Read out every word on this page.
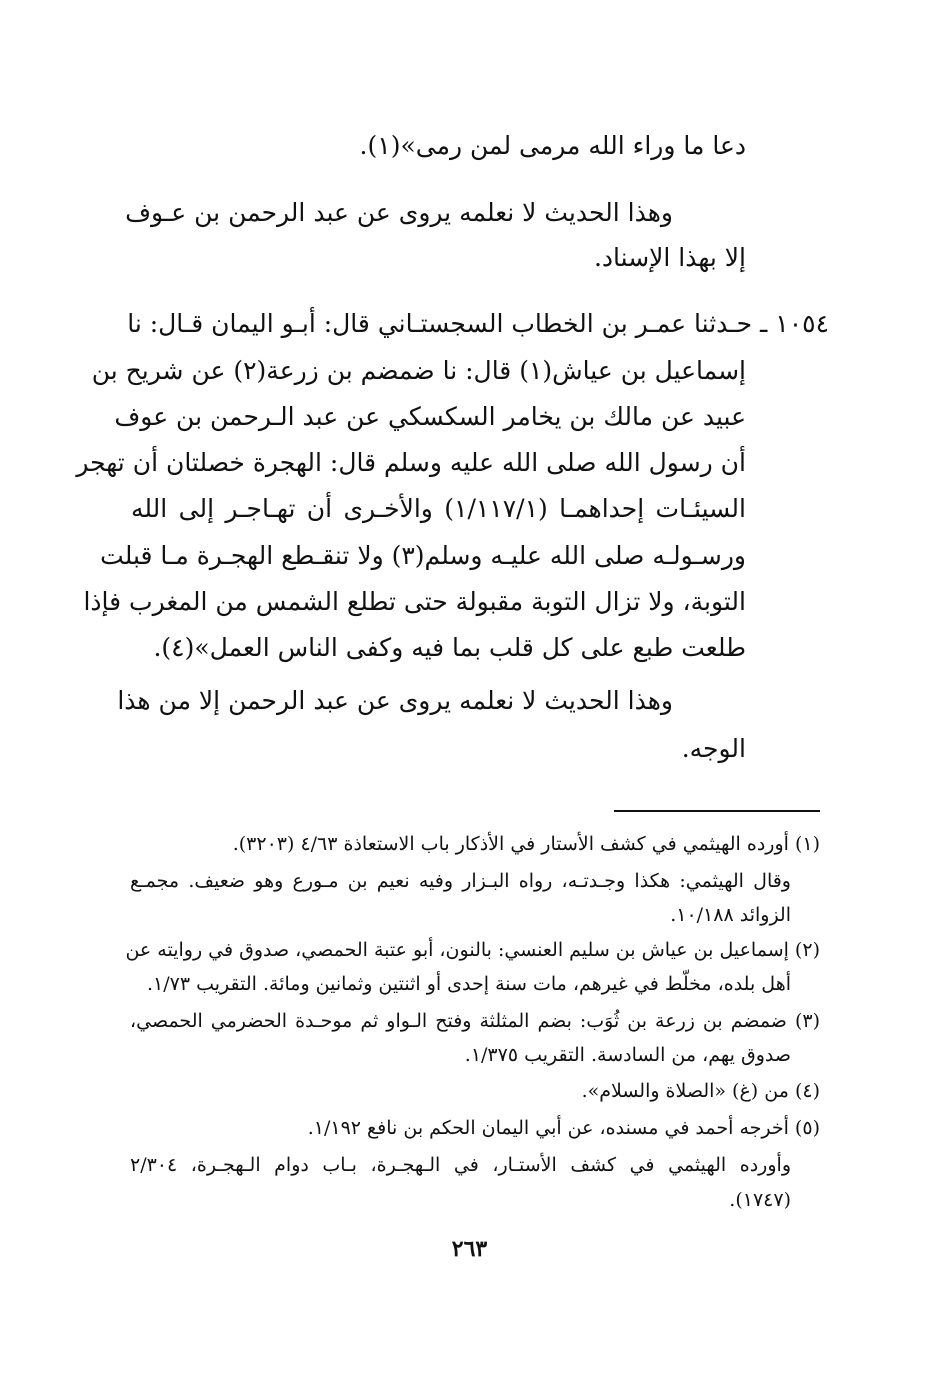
دعا ما وراء الله مرمى لمن رمى»(١).
وهذا الحديث لا نعلمه يروى عن عبد الرحمن بن عـوف
إلا بهذا الإسناد.
١٠٥٤ ـ حـدثنا عمـر بن الخطاب السجستـاني قال: أبـو اليمان قـال: نا
إسماعيل بن عياش(١) قال: نا ضمضم بن زرعة(٢) عن شريح بن
عبيد عن مالك بن يخامر السكسكي عن عبد الـرحمن بن عوف
أن رسول الله صلى الله عليه وسلم قال: الهجرة خصلتان أن تهجر
السيئـات إحداهمـا (١/١١٧/١) والأخـرى أن تهـاجـر إلى الله
ورسـولـه صلى الله عليـه وسلم(٣) ولا تنقـطع الهجـرة مـا قبلت
التوبة، ولا تزال التوبة مقبولة حتى تطلع الشمس من المغرب فإذا
طلعت طبع على كل قلب بما فيه وكفى الناس العمل»(٤).
وهذا الحديث لا نعلمه يروى عن عبد الرحمن إلا من هذا
الوجه.
(١) أورده الهيثمي في كشف الأستار في الأذكار باب الاستعاذة ٤/٦٣ (٣٢٠٣).
وقال الهيثمي: هكذا وجـدتـه، رواه البـزار وفيه نعيم بن مـورع وهو ضعيف. مجمـع
الزوائد ١٠/١٨٨.
(٢) إسماعيل بن عياش بن سليم العنسي: بالنون، أبو عتبة الحمصي، صدوق في روايته عن
أهل بلده، مخلّط في غيرهم، مات سنة إحدى أو اثنتين وثمانين ومائة. التقريب ١/٧٣.
(٣) ضمضم بن زرعة بن ثُوَب: بضم المثلثة وفتح الـواو ثم موحـدة الحضرمي الحمصي،
صدوق يهم، من السادسة. التقريب ١/٣٧٥.
(٤) من (غ) «الصلاة والسلام».
(٥) أخرجه أحمد في مسنده، عن أبي اليمان الحكم بن نافع ١/١٩٢.
وأورده الهيثمي في كشف الأستـار، في الـهجـرة، بـاب دوام الـهجـرة، ٢/٣٠٤
(١٧٤٧).
٢٦٣
